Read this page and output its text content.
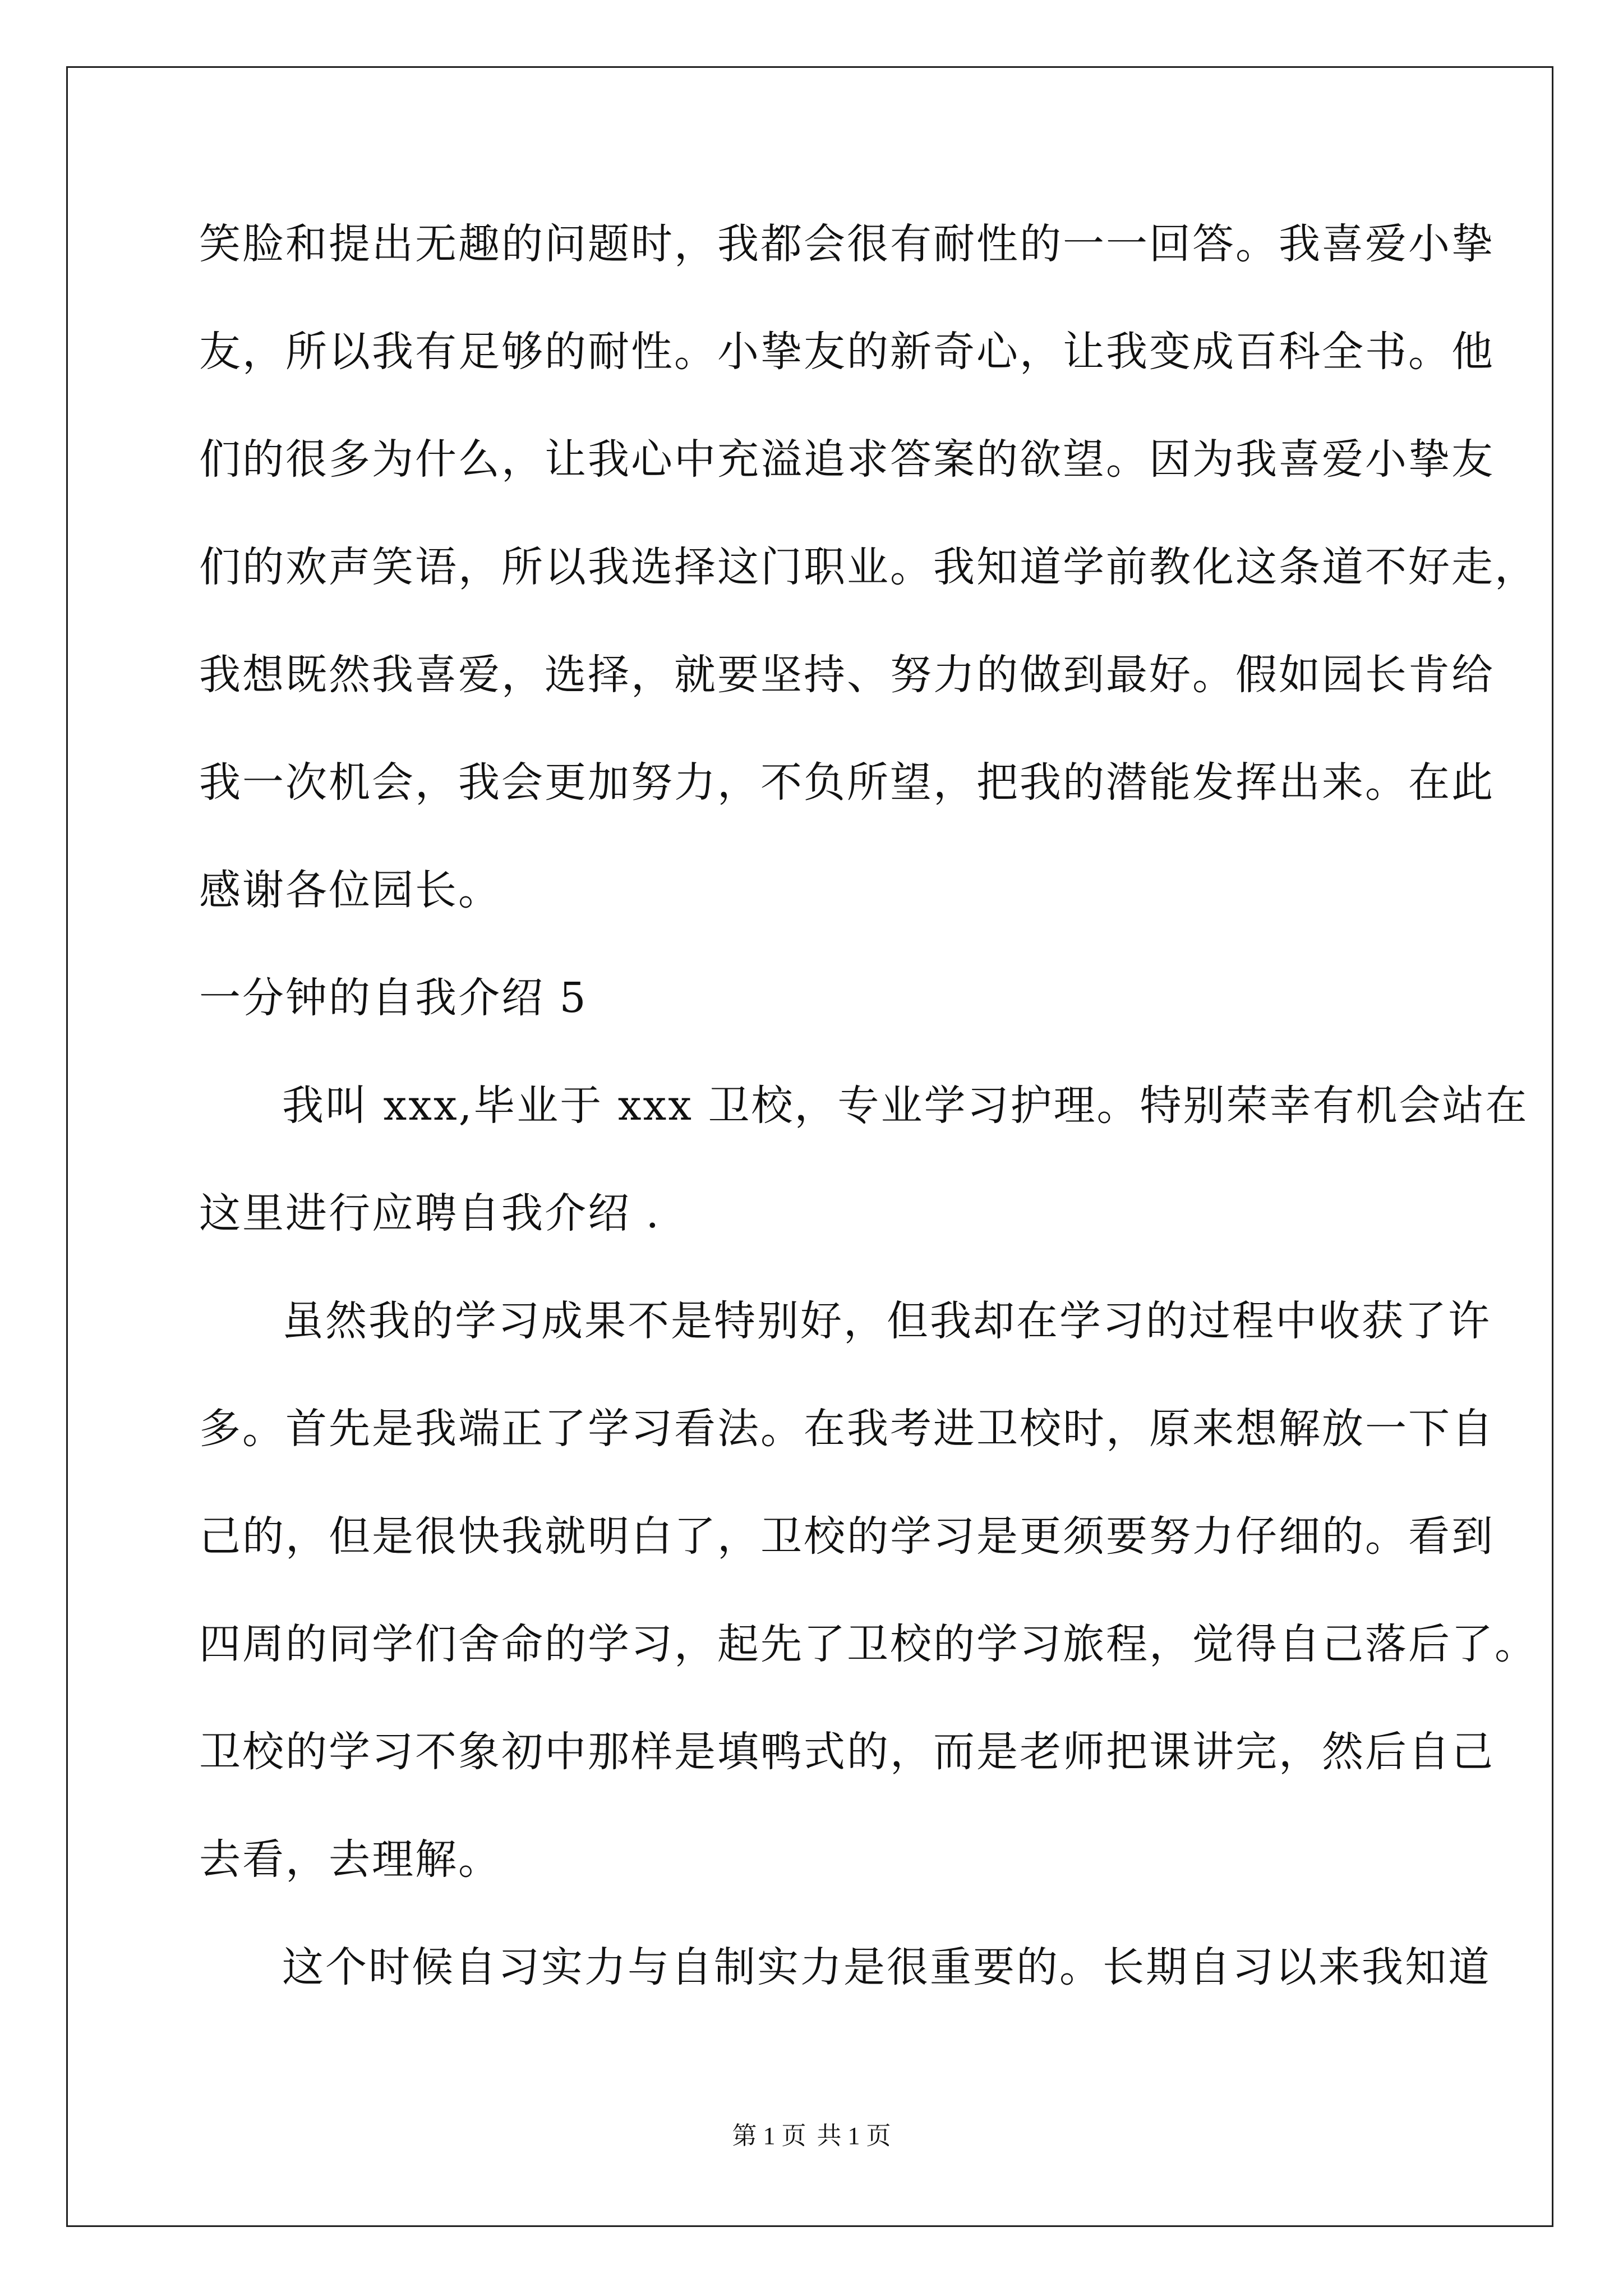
笑脸和提出无趣的问题时，我都会很有耐性的一一回答。我喜爱小挚
友，所以我有足够的耐性。小挚友的新奇心，让我变成百科全书。他
们的很多为什么，让我心中充溢追求答案的欲望。因为我喜爱小挚友
们的欢声笑语，所以我选择这门职业。我知道学前教化这条道不好走，
我想既然我喜爱，选择，就要坚持、努力的做到最好。假如园长肯给
我一次机会，我会更加努力，不负所望，把我的潜能发挥出来。在此
感谢各位园长。
一分钟的自我介绍 5
我叫 xxx,毕业于 xxx 卫校，专业学习护理。特别荣幸有机会站在
这里进行应聘自我介绍 .
虽然我的学习成果不是特别好，但我却在学习的过程中收获了许
多。首先是我端正了学习看法。在我考进卫校时，原来想解放一下自
己的，但是很快我就明白了，卫校的学习是更须要努力仔细的。看到
四周的同学们舍命的学习，起先了卫校的学习旅程，觉得自己落后了。
卫校的学习不象初中那样是填鸭式的，而是老师把课讲完，然后自己
去看，去理解。
这个时候自习实力与自制实力是很重要的。长期自习以来我知道
第 1 页 共 1 页
